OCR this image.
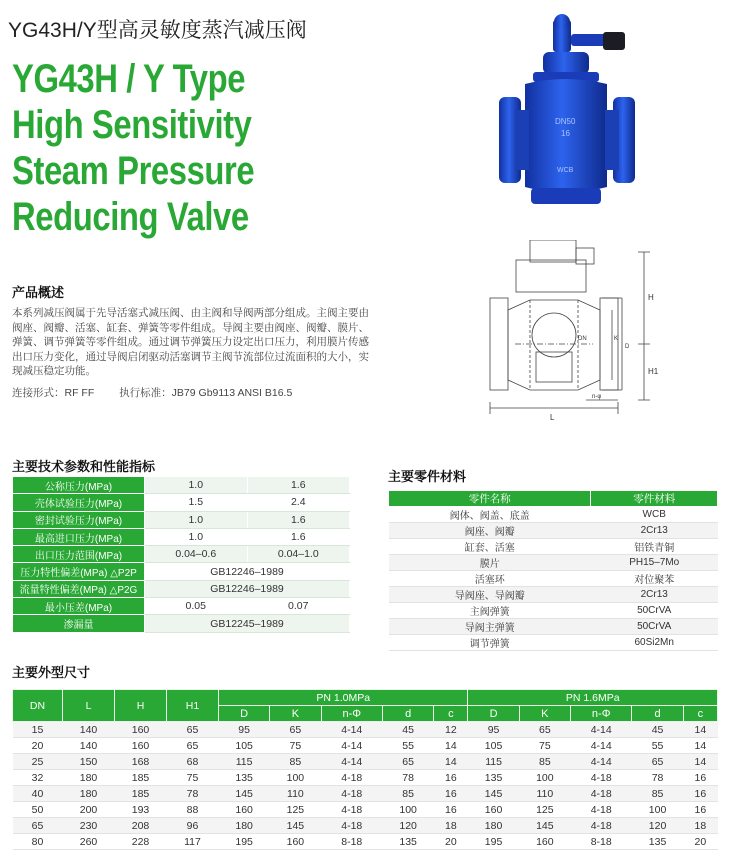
YG43H/Y型高灵敏度蒸汽减压阀
YG43H / Y Type
High Sensitivity
Steam Pressure
Reducing Valve
DN50
16
WCB
H
H1
L
DN	K
D
n-φ
产品概述
本系列减压阀属于先导活塞式减压阀、由主阀和导阀两部分组成。主阀主要由阀座、阀瓣、活塞、缸套、弹簧等零件组成。导阀主要由阀座、阀瓣、膜片、弹簧、调节弹簧等零件组成。通过调节弹簧压力设定出口压力，利用膜片传感出口压力变化，通过导阀启闭驱动活塞调节主阀节流部位过流面积的大小，实现减压稳定功能。
连接形式：RF FF 执行标准：JB79 Gb9113 ANSI B16.5
主要技术参数和性能指标
公称压力(MPa)	1.0	1.6
壳体试验压力(MPa)	1.5	2.4
密封试验压力(MPa)	1.0	1.6
最高进口压力(MPa)	1.0	1.6
出口压力范围(MPa)	0.04–0.6	0.04–1.0
压力特性偏差(MPa) △P2P	GB12246–1989	
流量特性偏差(MPa) △P2G	GB12246–1989	
最小压差(MPa)	0.05	0.07
渗漏量	GB12245–1989	
主要零件材料
零件名称	零件材料
阀体、阀盖、底盖	WCB
阀座、阀瓣	2Cr13
缸套、活塞	铝铁青铜
膜片	PH15–7Mo
活塞环	对位聚苯
导阀座、导阀瓣	2Cr13
主阀弹簧	50CrVA
导阀主弹簧	50CrVA
调节弹簧	60Si2Mn
主要外型尺寸
DN	L	H	H1	PN 1.0MPa					PN 1.6MPa				
				D	K	n-Φ	d	c	D	K	n-Φ	d	c
15	140	160	65	95	65	4-14	45	12	95	65	4-14	45	14
20	140	160	65	105	75	4-14	55	14	105	75	4-14	55	14
25	150	168	68	115	85	4-14	65	14	115	85	4-14	65	14
32	180	185	75	135	100	4-18	78	16	135	100	4-18	78	16
40	180	185	78	145	110	4-18	85	16	145	110	4-18	85	16
50	200	193	88	160	125	4-18	100	16	160	125	4-18	100	16
65	230	208	96	180	145	4-18	120	18	180	145	4-18	120	18
80	260	228	117	195	160	8-18	135	20	195	160	8-18	135	20
